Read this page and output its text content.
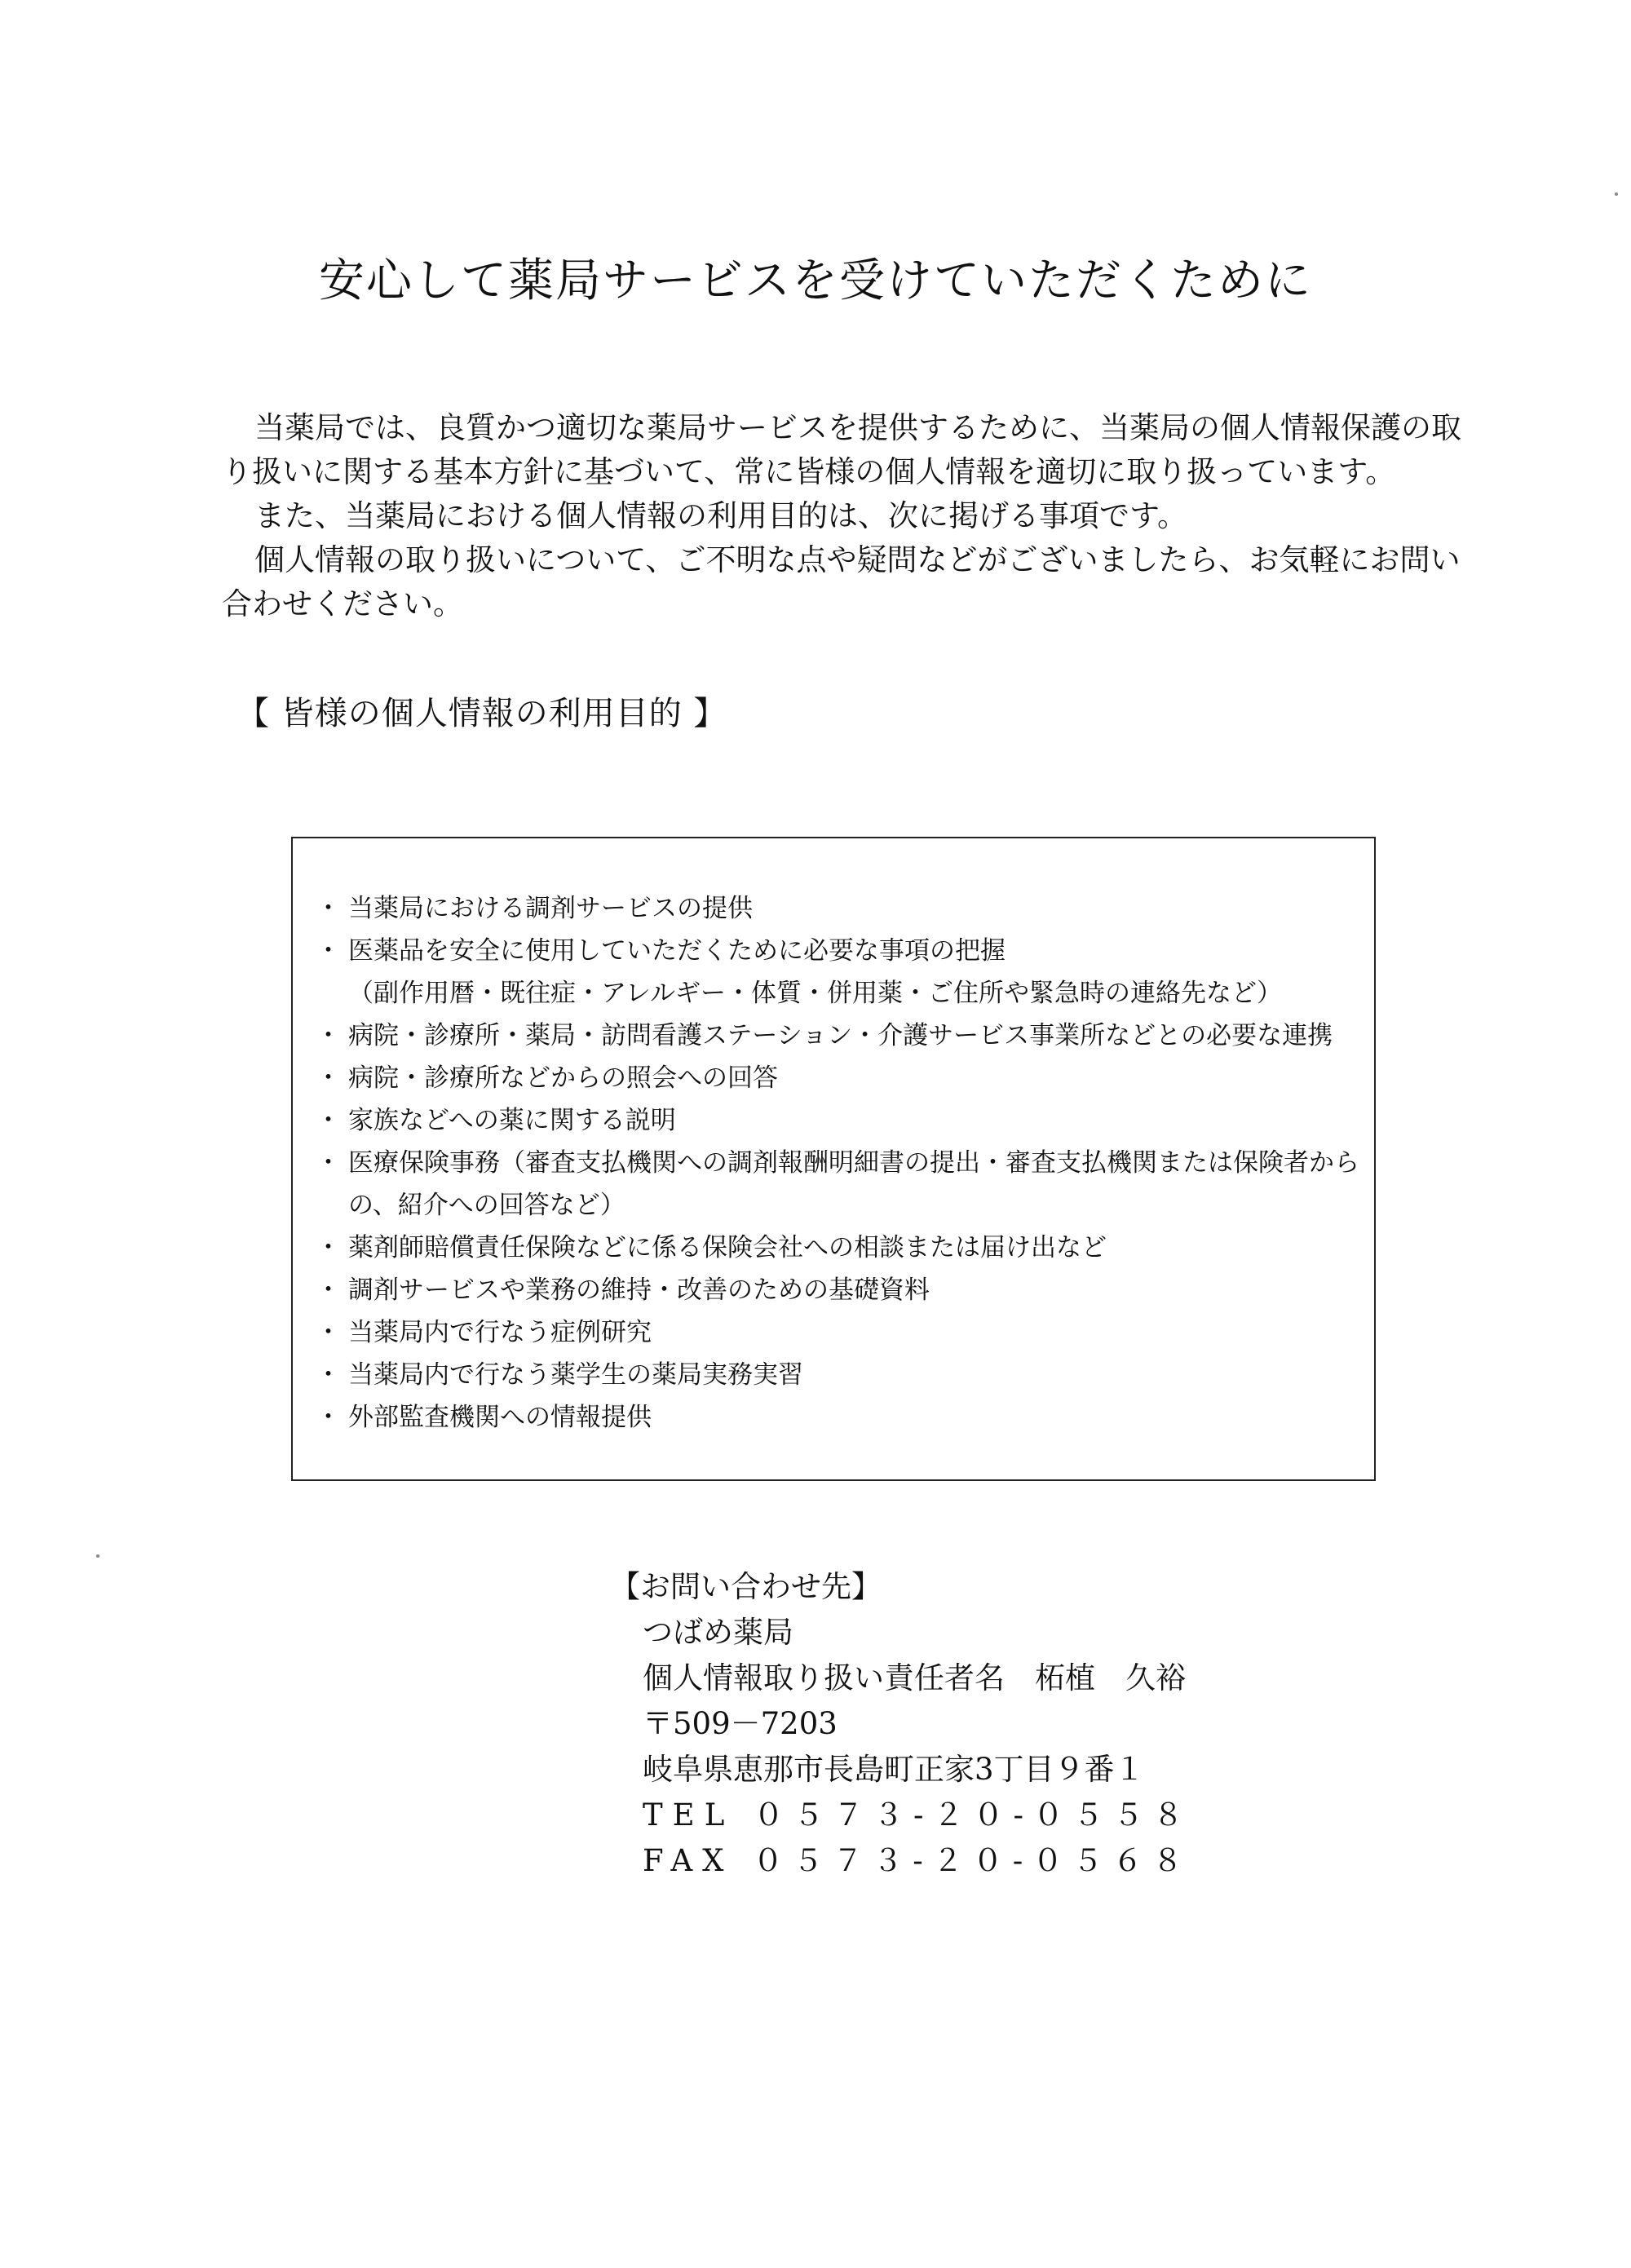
安心して薬局サービスを受けていただくために

当薬局では、良質かつ適切な薬局サービスを提供するために、当薬局の個人情報保護の取り扱いに関する基本方針に基づいて、常に皆様の個人情報を適切に取り扱っています。

また、当薬局における個人情報の利用目的は、次に掲げる事項です。

個人情報の取り扱いについて、ご不明な点や疑問などがございましたら、お気軽にお問い合わせください。

【 皆様の個人情報の利用目的 】
・ 当薬局における調剤サービスの提供
・ 医薬品を安全に使用していただくために必要な事項の把握
（副作用暦・既往症・アレルギー・体質・併用薬・ご住所や緊急時の連絡先など）
・ 病院・診療所・薬局・訪問看護ステーション・介護サービス事業所などとの必要な連携
・ 病院・診療所などからの照会への回答
・ 家族などへの薬に関する説明
・ 医療保険事務（審査支払機関への調剤報酬明細書の提出・審査支払機関または保険者からの、紹介への回答など）
・ 薬剤師賠償責任保険などに係る保険会社への相談または届け出など
・ 調剤サービスや業務の維持・改善のための基礎資料
・ 当薬局内で行なう症例研究
・ 当薬局内で行なう薬学生の薬局実務実習
・ 外部監査機関への情報提供
【お問い合わせ先】
つばめ薬局
個人情報取り扱い責任者名　柘植　久裕
〒509－7203
岐阜県恵那市長島町正家3丁目９番１
TEL ０５７３-２０-０５５８
FAX ０５７３-２０-０５６８
